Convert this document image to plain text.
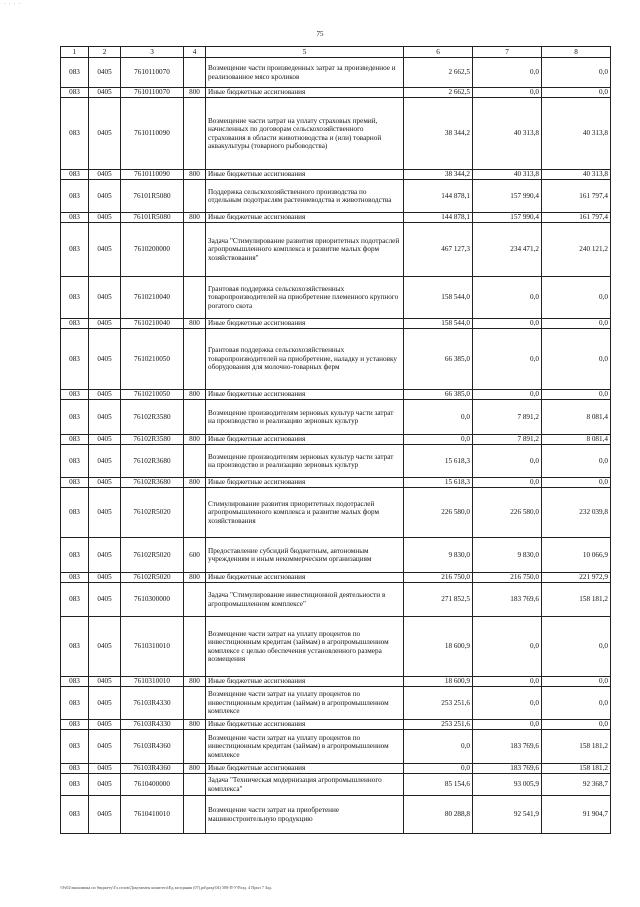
· · · ·
75
1	2	3	4	5	6	7	8
083	0405	7610110070		Возмещение части произведенных затрат за произведенное и реализованное мясо кроликов	2 662,5	0,0	0,0
083	0405	7610110070	800	Иные бюджетные ассигнования	2 662,5	0,0	0,0
083	0405	7610110090		Возмещение части затрат на уплату страховых премий, начисленных по договорам сельскохозяйственного страхования в области животноводства и (или) товарной аквакультуры (товарного рыбоводства)	38 344,2	40 313,8	40 313,8
083	0405	7610110090	800	Иные бюджетные ассигнования	38 344,2	40 313,8	40 313,8
083	0405	76101R5080		Поддержка сельскохозяйственного производства по отдельным подотраслям растениеводства и животноводства	144 878,1	157 990,4	161 797,4
083	0405	76101R5080	800	Иные бюджетные ассигнования	144 878,1	157 990,4	161 797,4
083	0405	7610200000		Задача "Стимулирование развития приоритетных подотраслей агропромышленного комплекса и развитие малых форм хозяйствования"	467 127,3	234 471,2	240 121,2
083	0405	7610210040		Грантовая поддержка сельскохозяйственных товаропроизводителей на приобретение племенного крупного рогатого скота	158 544,0	0,0	0,0
083	0405	7610210040	800	Иные бюджетные ассигнования	158 544,0	0,0	0,0
083	0405	7610210050		Грантовая поддержка сельскохозяйственных товаропроизводителей на приобретение, наладку и установку оборудования для молочно-товарных ферм	66 385,0	0,0	0,0
083	0405	7610210050	800	Иные бюджетные ассигнования	66 385,0	0,0	0,0
083	0405	76102R3580		Возмещение производителям зерновых культур части затрат на производство и реализацию зерновых культур	0,0	7 891,2	8 081,4
083	0405	76102R3580	800	Иные бюджетные ассигнования	0,0	7 891,2	8 081,4
083	0405	76102R3680		Возмещение производителям зерновых культур части затрат на производство и реализацию зерновых культур	15 618,3	0,0	0,0
083	0405	76102R3680	800	Иные бюджетные ассигнования	15 618,3	0,0	0,0
083	0405	76102R5020		Стимулирование развития приоритетных подотраслей агропромышленного комплекса и развитие малых форм хозяйствования	226 580,0	226 580,0	232 039,8
083	0405	76102R5020	600	Предоставление субсидий бюджетным, автономным учреждениям и иным некоммерческим организациям	9 830,0	9 830,0	10 066,9
083	0405	76102R5020	800	Иные бюджетные ассигнования	216 750,0	216 750,0	221 972,9
083	0405	7610300000		Задача "Стимулирование инвестиционной деятельности в агропромышленном комплексе"	271 852,5	183 769,6	158 181,2
083	0405	7610310010		Возмещение части затрат на уплату процентов по инвестиционным кредитам (займам) в агропромышленном комплексе с целью обеспечения установленного размера возмещения	18 600,9	0,0	0,0
083	0405	7610310010	800	Иные бюджетные ассигнования	18 600,9	0,0	0,0
083	0405	76103R4330		Возмещение части затрат на уплату процентов по инвестиционным кредитам (займам) в агропромышленном комплексе	253 251,6	0,0	0,0
083	0405	76103R4330	800	Иные бюджетные ассигнования	253 251,6	0,0	0,0
083	0405	76103R4360		Возмещение части затрат на уплату процентов по инвестиционным кредитам (займам) в агропромышленном комплексе	0,0	183 769,6	158 181,2
083	0405	76103R4360	800	Иные бюджетные ассигнования	0,0	183 769,6	158 181,2
083	0405	7610400000		Задача "Техническая модернизация агропромышленного комплекса"	85 154,6	93 005,9	92 368,7
083	0405	7610410010		Возмещение части затрат на приобретение машиностроительную продукцию	80 288,8	92 541,9	91 904,7
\\Fs02\экономика по бюджету\Гл.селов\Документы комитета\Ед.заседания (07).pd\разд\04) 508-П-У\Разд. 4 Прил 7 Зад.
